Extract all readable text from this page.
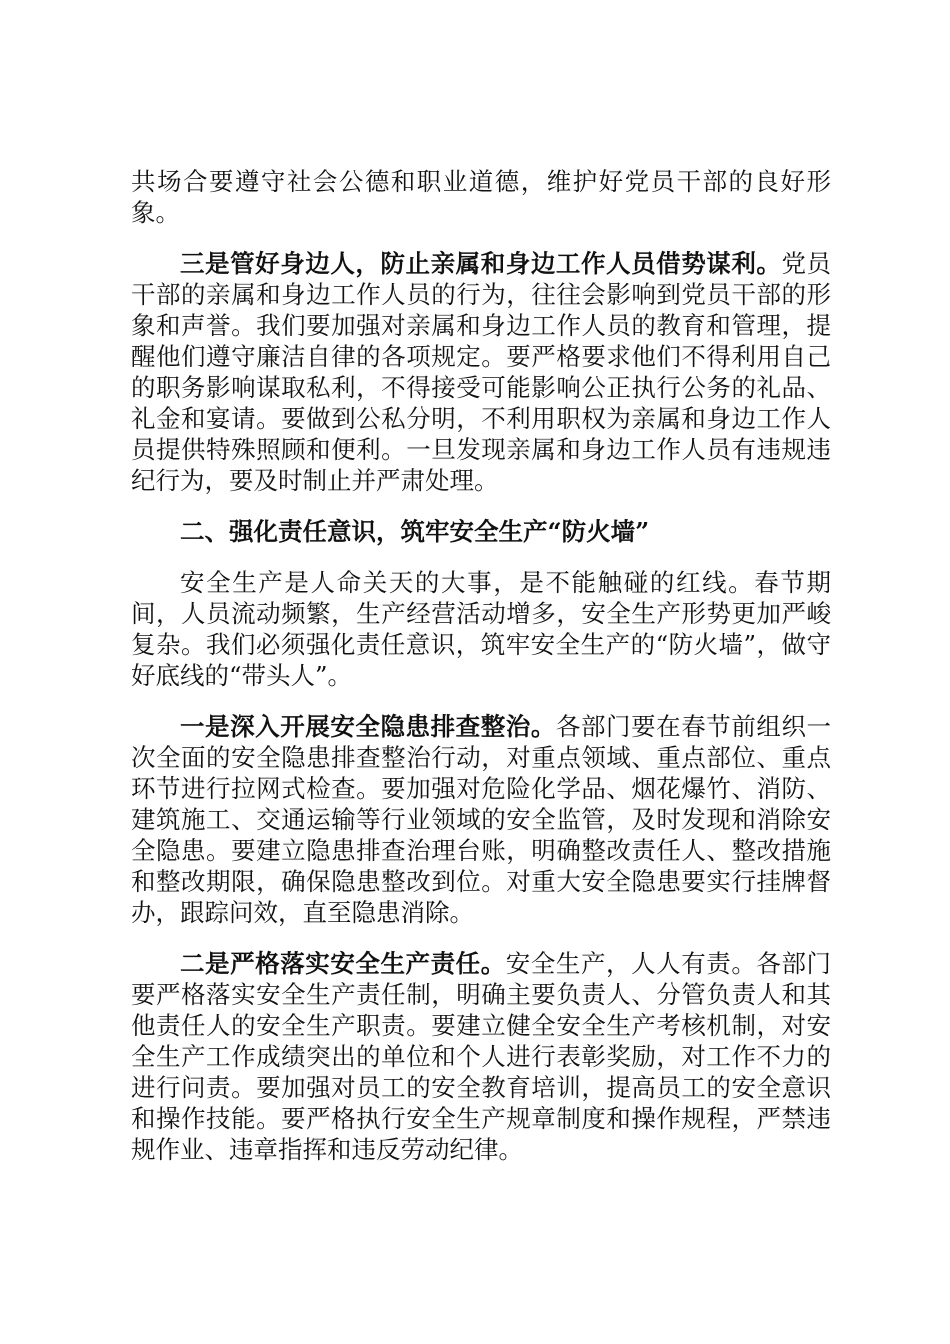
共场合要遵守社会公德和职业道德，维护好党员干部的良好形象。

三是管好身边人，防止亲属和身边工作人员借势谋利。党员干部的亲属和身边工作人员的行为，往往会影响到党员干部的形象和声誉。我们要加强对亲属和身边工作人员的教育和管理，提醒他们遵守廉洁自律的各项规定。要严格要求他们不得利用自己的职务影响谋取私利，不得接受可能影响公正执行公务的礼品、礼金和宴请。要做到公私分明，不利用职权为亲属和身边工作人员提供特殊照顾和便利。一旦发现亲属和身边工作人员有违规违纪行为，要及时制止并严肃处理。

二、强化责任意识，筑牢安全生产“防火墙”

安全生产是人命关天的大事，是不能触碰的红线。春节期间，人员流动频繁，生产经营活动增多，安全生产形势更加严峻复杂。我们必须强化责任意识，筑牢安全生产的“防火墙”，做守好底线的“带头人”。

一是深入开展安全隐患排查整治。各部门要在春节前组织一次全面的安全隐患排查整治行动，对重点领域、重点部位、重点环节进行拉网式检查。要加强对危险化学品、烟花爆竹、消防、建筑施工、交通运输等行业领域的安全监管，及时发现和消除安全隐患。要建立隐患排查治理台账，明确整改责任人、整改措施和整改期限，确保隐患整改到位。对重大安全隐患要实行挂牌督办，跟踪问效，直至隐患消除。

二是严格落实安全生产责任。安全生产，人人有责。各部门要严格落实安全生产责任制，明确主要负责人、分管负责人和其他责任人的安全生产职责。要建立健全安全生产考核机制，对安全生产工作成绩突出的单位和个人进行表彰奖励，对工作不力的进行问责。要加强对员工的安全教育培训，提高员工的安全意识和操作技能。要严格执行安全生产规章制度和操作规程，严禁违规作业、违章指挥和违反劳动纪律。
